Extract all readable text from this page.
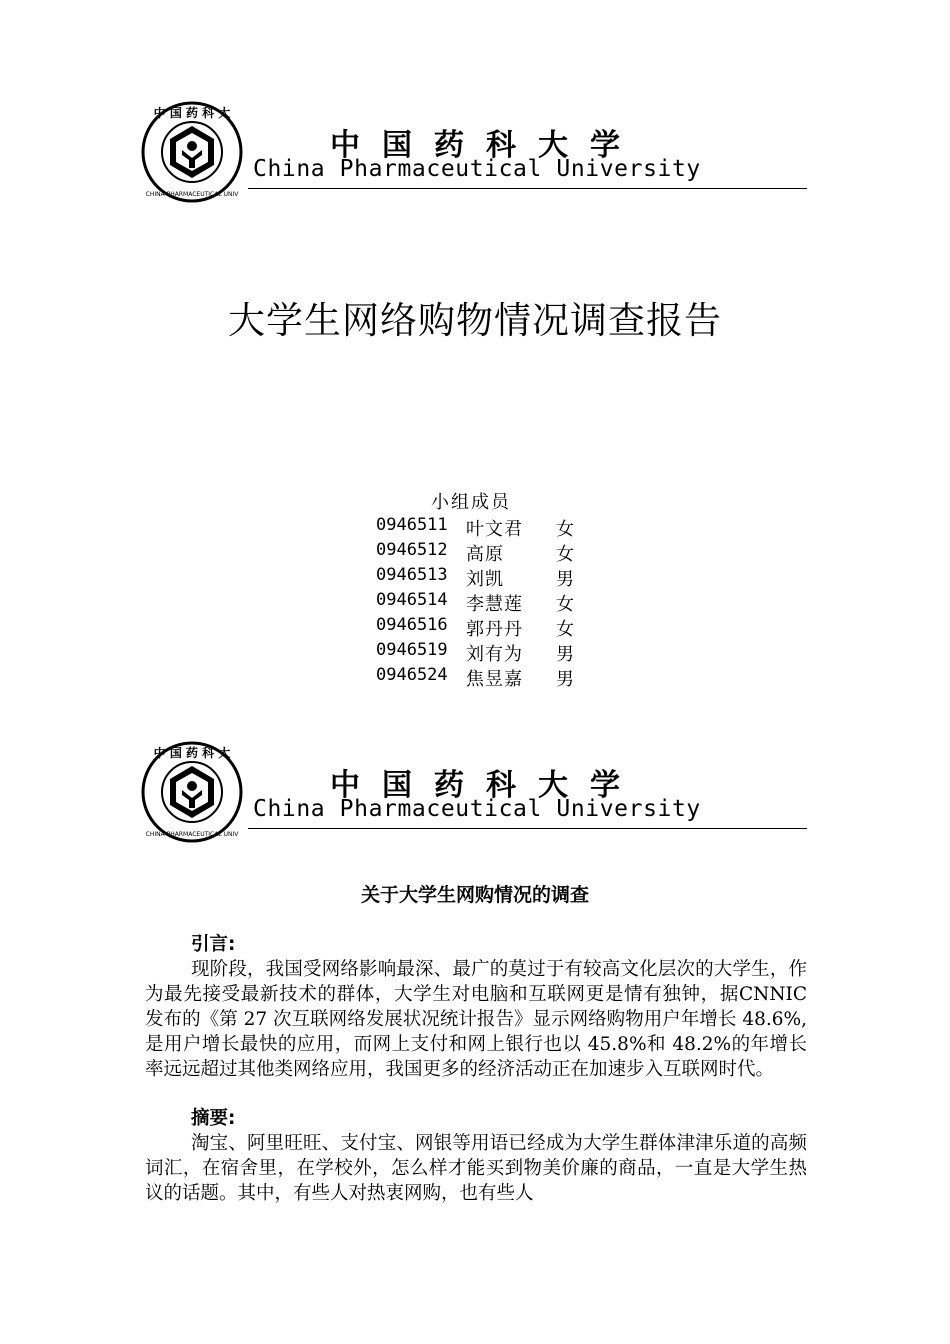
中 国 药 科 大
CHINA PHARMACEUTICAL UNIV
中国药科大学
China Pharmaceutical University
大学生网络购物情况调查报告
小组成员
0946511 叶文君 女
0946512 高原	女
0946513 刘凯	男
0946514 李慧莲 女
0946516 郭丹丹 女
0946519 刘有为 男
0946524 焦昱嘉 男
中 国 药 科 大
CHINA PHARMACEUTICAL UNIV
中国药科大学
China Pharmaceutical University
关于大学生网购情况的调查
引言:

现阶段，我国受网络影响最深、最广的莫过于有较高文化层次的大学生，作为最先接受最新技术的群体，大学生对电脑和互联网更是情有独钟，据CNNIC 发布的《第 27 次互联网络发展状况统计报告》显示网络购物用户年增长 48.6%,是用户增长最快的应用，而网上支付和网上银行也以 45.8%和 48.2%的年增长率远远超过其他类网络应用，我国更多的经济活动正在加速步入互联网时代。

摘要:

淘宝、阿里旺旺、支付宝、网银等用语已经成为大学生群体津津乐道的高频词汇，在宿舍里，在学校外，怎么样才能买到物美价廉的商品，一直是大学生热议的话题。其中，有些人对热衷网购，也有些人
